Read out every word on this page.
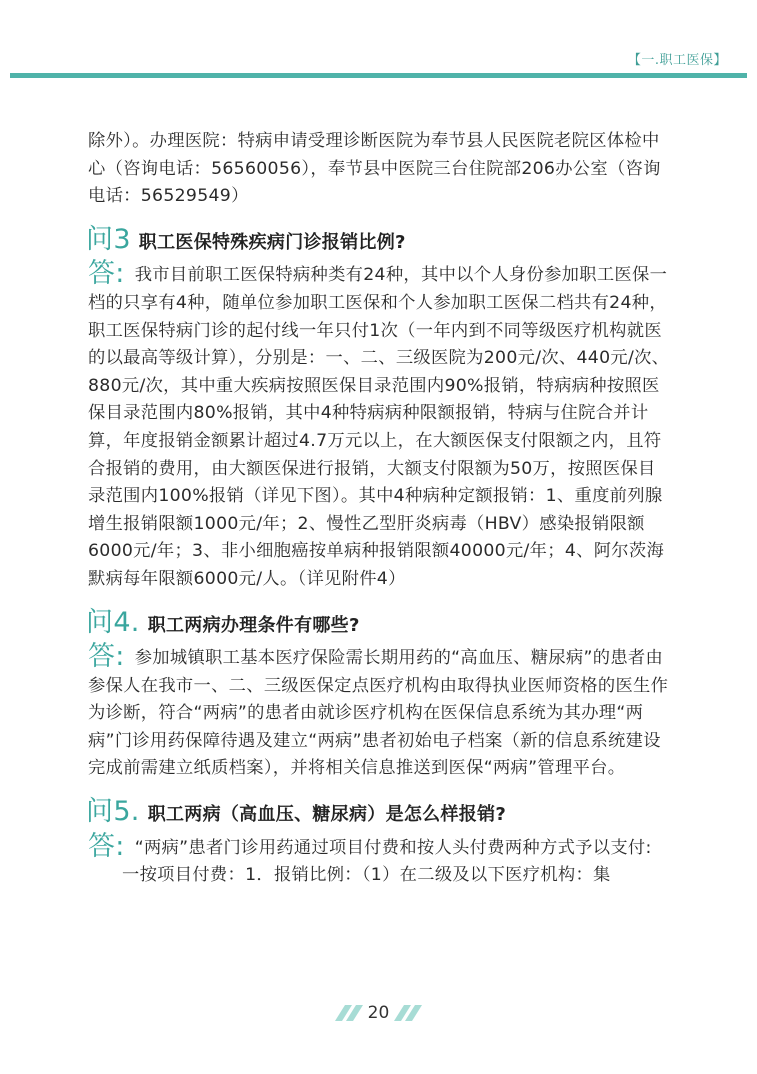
【一.职工医保】

除外）。办理医院：特病申请受理诊断医院为奉节县人民医院老院区体检中心（咨询电话：56560056），奉节县中医院三台住院部206办公室（咨询电话：56529549）

问 3 职工医保特殊疾病门诊报销比例?

答: 我市目前职工医保特病种类有24种，其中以个人身份参加职工医保一档的只享有4种，随单位参加职工医保和个人参加职工医保二档共有24种，职工医保特病门诊的起付线一年只付1次（一年内到不同等级医疗机构就医的以最高等级计算），分别是：一、二、三级医院为200元/次、440元/次、880元/次，其中重大疾病按照医保目录范围内90%报销，特病病种按照医保目录范围内80%报销，其中4种特病病种限额报销，特病与住院合并计算，年度报销金额累计超过4.7万元以上，在大额医保支付限额之内，且符合报销的费用，由大额医保进行报销，大额支付限额为50万，按照医保目录范围内100%报销（详见下图）。其中4种病种定额报销：1、重度前列腺增生报销限额1000元/年；2、慢性乙型肝炎病毒（HBV）感染报销限额6000元/年；3、非小细胞癌按单病种报销限额40000元/年；4、阿尔茨海默病每年限额6000元/人。（详见附件4）

问 4. 职工两病办理条件有哪些?

答: 参加城镇职工基本医疗保险需长期用药的“高血压、糖尿病”的患者由参保人在我市一、二、三级医保定点医疗机构由取得执业医师资格的医生作为诊断，符合“两病”的患者由就诊医疗机构在医保信息系统为其办理“两病”门诊用药保障待遇及建立“两病”患者初始电子档案（新的信息系统建设完成前需建立纸质档案），并将相关信息推送到医保“两病”管理平台。

问 5. 职工两病（高血压、糖尿病）是怎么样报销?

答: “两病”患者门诊用药通过项目付费和按人头付费两种方式予以支付:

一按项目付费：1．报销比例：（1）在二级及以下医疗机构：集

20
